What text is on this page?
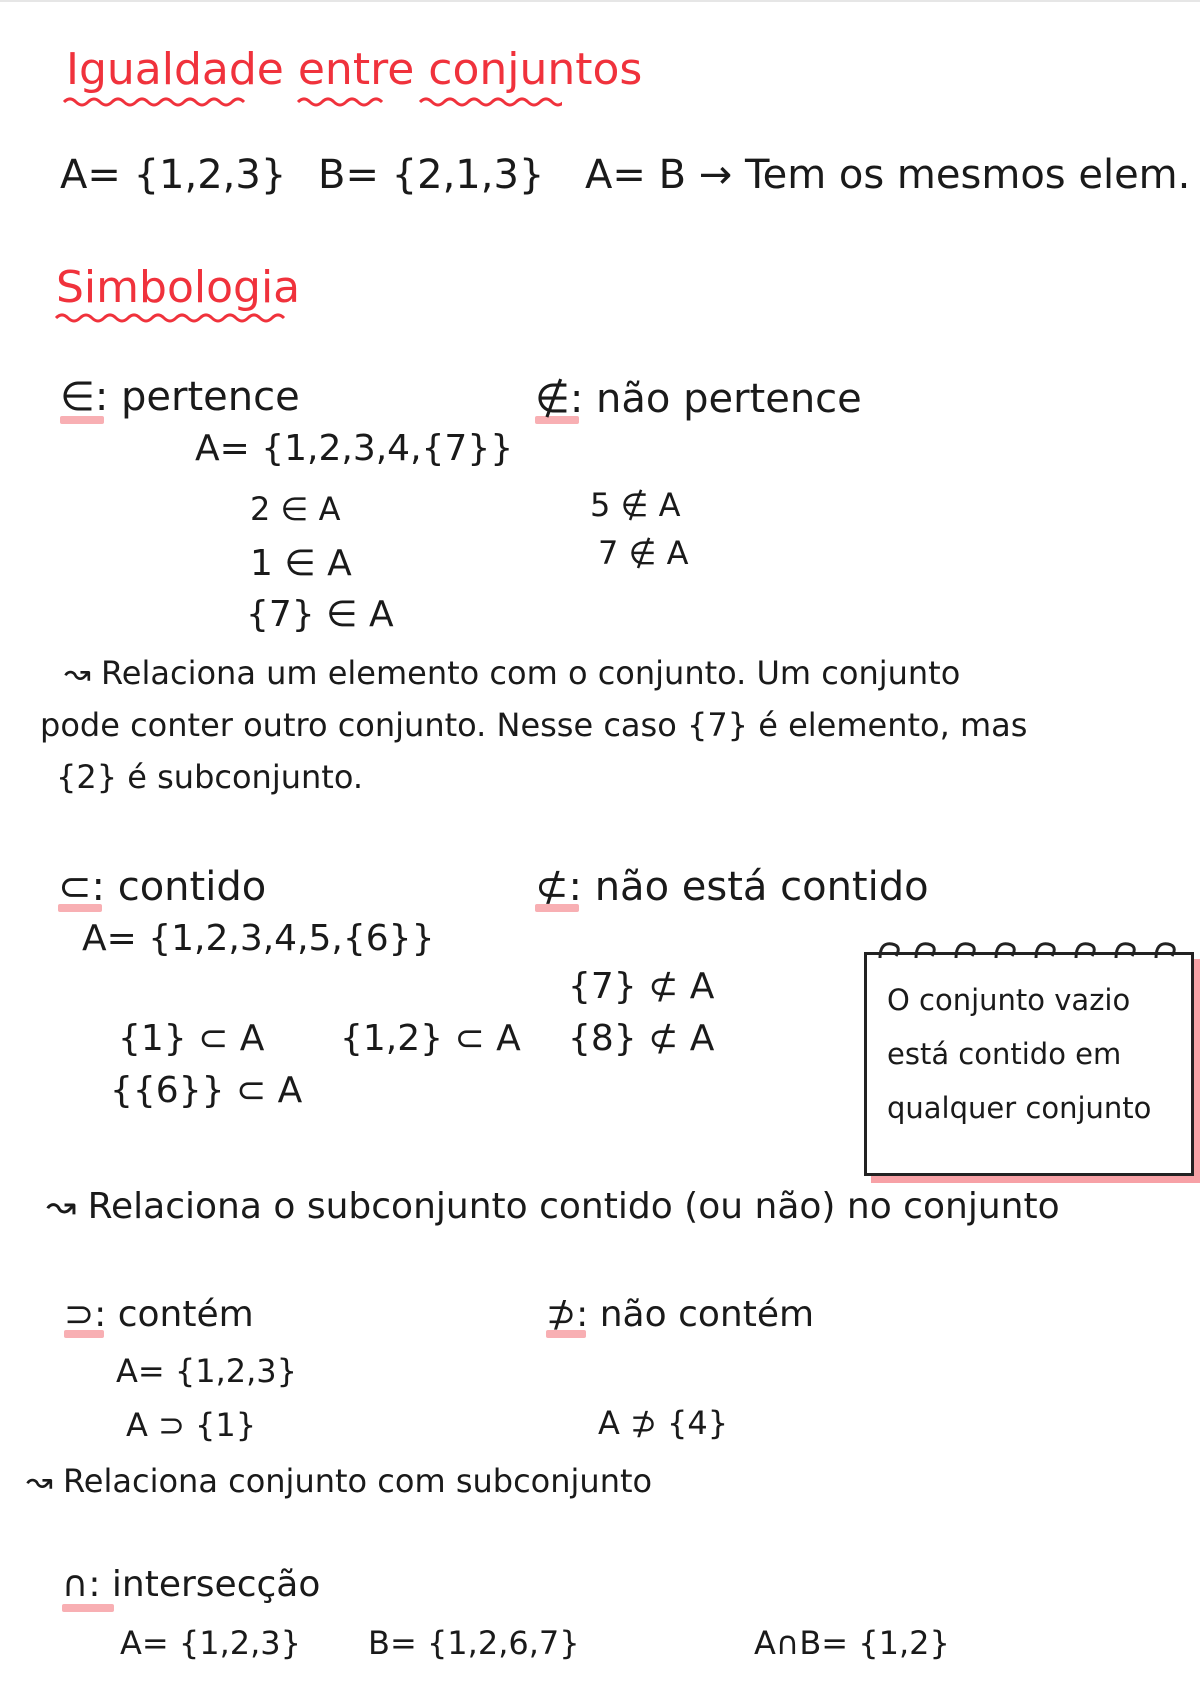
Igualdade entre conjuntos
A= {1,2,3} B= {2,1,3} A= B → Tem os mesmos elem.
Simbologia
∈: pertence
A= {1,2,3,4,{7}}
2 ∈ A
1 ∈ A
{7} ∈ A
∉: não pertence
5 ∉ A
7 ∉ A
↝ Relaciona um elemento com o conjunto. Um conjunto
pode conter outro conjunto. Nesse caso {7} é elemento, mas
{2} é subconjunto.
⊂: contido
A= {1,2,3,4,5,{6}}
{1} ⊂ A {1,2} ⊂ A
{{6}} ⊂ A
⊄: não está contido
{7} ⊄ A
{8} ⊄ A
O conjunto vazio
está contido em
qualquer conjunto
↝ Relaciona o subconjunto contido (ou não) no conjunto
⊃: contém
A= {1,2,3}
A ⊃ {1}
⊅: não contém
A ⊅ {4}
↝ Relaciona conjunto com subconjunto
∩: intersecção
A= {1,2,3} B= {1,2,6,7}	A∩B= {1,2}
